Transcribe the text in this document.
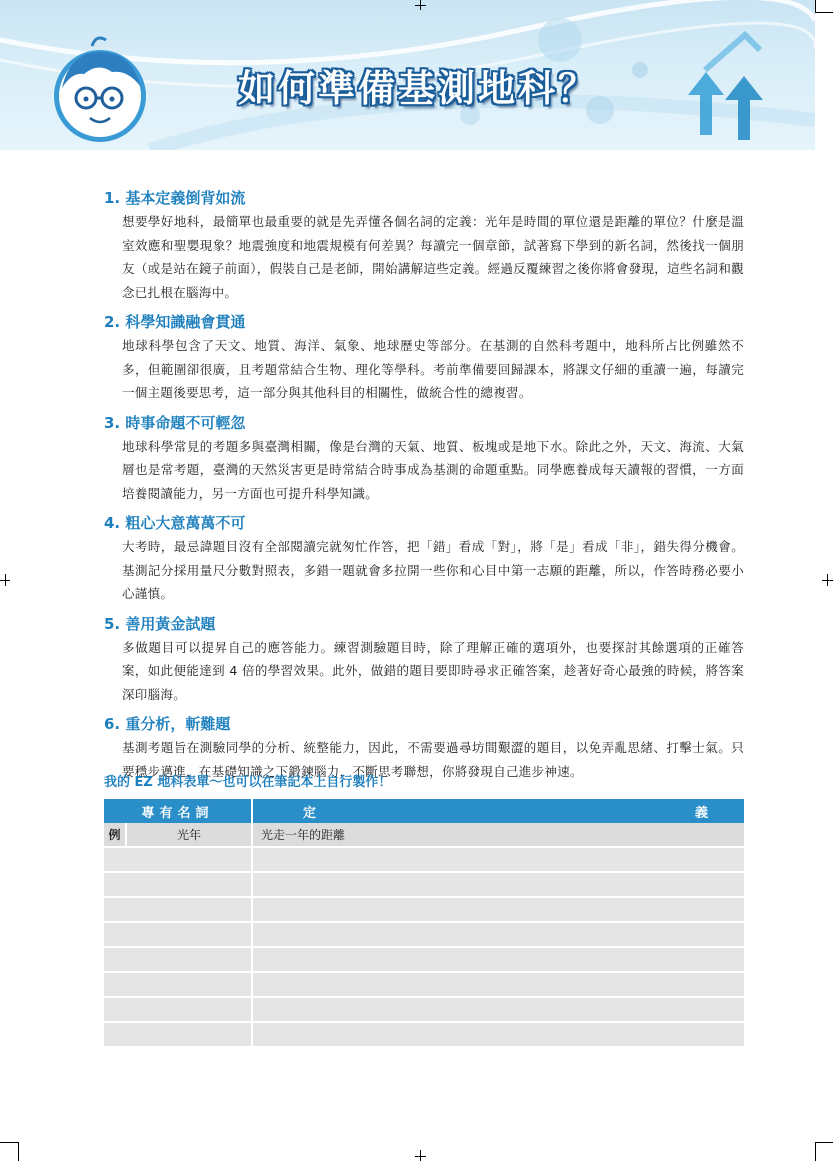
如何準備基測地科？
1. 基本定義倒背如流
想要學好地科，最簡單也最重要的就是先弄懂各個名詞的定義：光年是時間的單位還是距離的單位？什麼是溫室效應和聖嬰現象？地震強度和地震規模有何差異？每讀完一個章節，試著寫下學到的新名詞，然後找一個朋友（或是站在鏡子前面），假裝自己是老師，開始講解這些定義。經過反覆練習之後你將會發現，這些名詞和觀念已扎根在腦海中。
2. 科學知識融會貫通
地球科學包含了天文、地質、海洋、氣象、地球歷史等部分。在基測的自然科考題中，地科所占比例雖然不多，但範圍卻很廣，且考題常結合生物、理化等學科。考前準備要回歸課本，將課文仔細的重讀一遍，每讀完一個主題後要思考，這一部分與其他科目的相關性，做統合性的總複習。
3. 時事命題不可輕忽
地球科學常見的考題多與臺灣相關，像是台灣的天氣、地質、板塊或是地下水。除此之外，天文、海流、大氣層也是常考題，臺灣的天然災害更是時常結合時事成為基測的命題重點。同學應養成每天讀報的習慣，一方面培養閱讀能力，另一方面也可提升科學知識。
4. 粗心大意萬萬不可
大考時，最忌諱題目沒有全部閱讀完就匆忙作答，把「錯」看成「對」，將「是」看成「非」，錯失得分機會。基測記分採用量尺分數對照表，多錯一題就會多拉開一些你和心目中第一志願的距離，所以，作答時務必要小心謹慎。
5. 善用黃金試題
多做題目可以提昇自己的應答能力。練習測驗題目時，除了理解正確的選項外，也要探討其餘選項的正確答案，如此便能達到 4 倍的學習效果。此外，做錯的題目要即時尋求正確答案，趁著好奇心最強的時候，將答案深印腦海。
6. 重分析，斬難題
基測考題旨在測驗同學的分析、統整能力，因此，不需要過尋坊間艱澀的題目，以免弄亂思緒、打擊士氣。只要穩步邁進，在基礎知識之下鍛鍊腦力，不斷思考聯想，你將發現自己進步神速。
我的 EZ 地科表單～也可以在筆記本上自行製作！
專有名詞		定 義

例	光年	光走一年的距離
